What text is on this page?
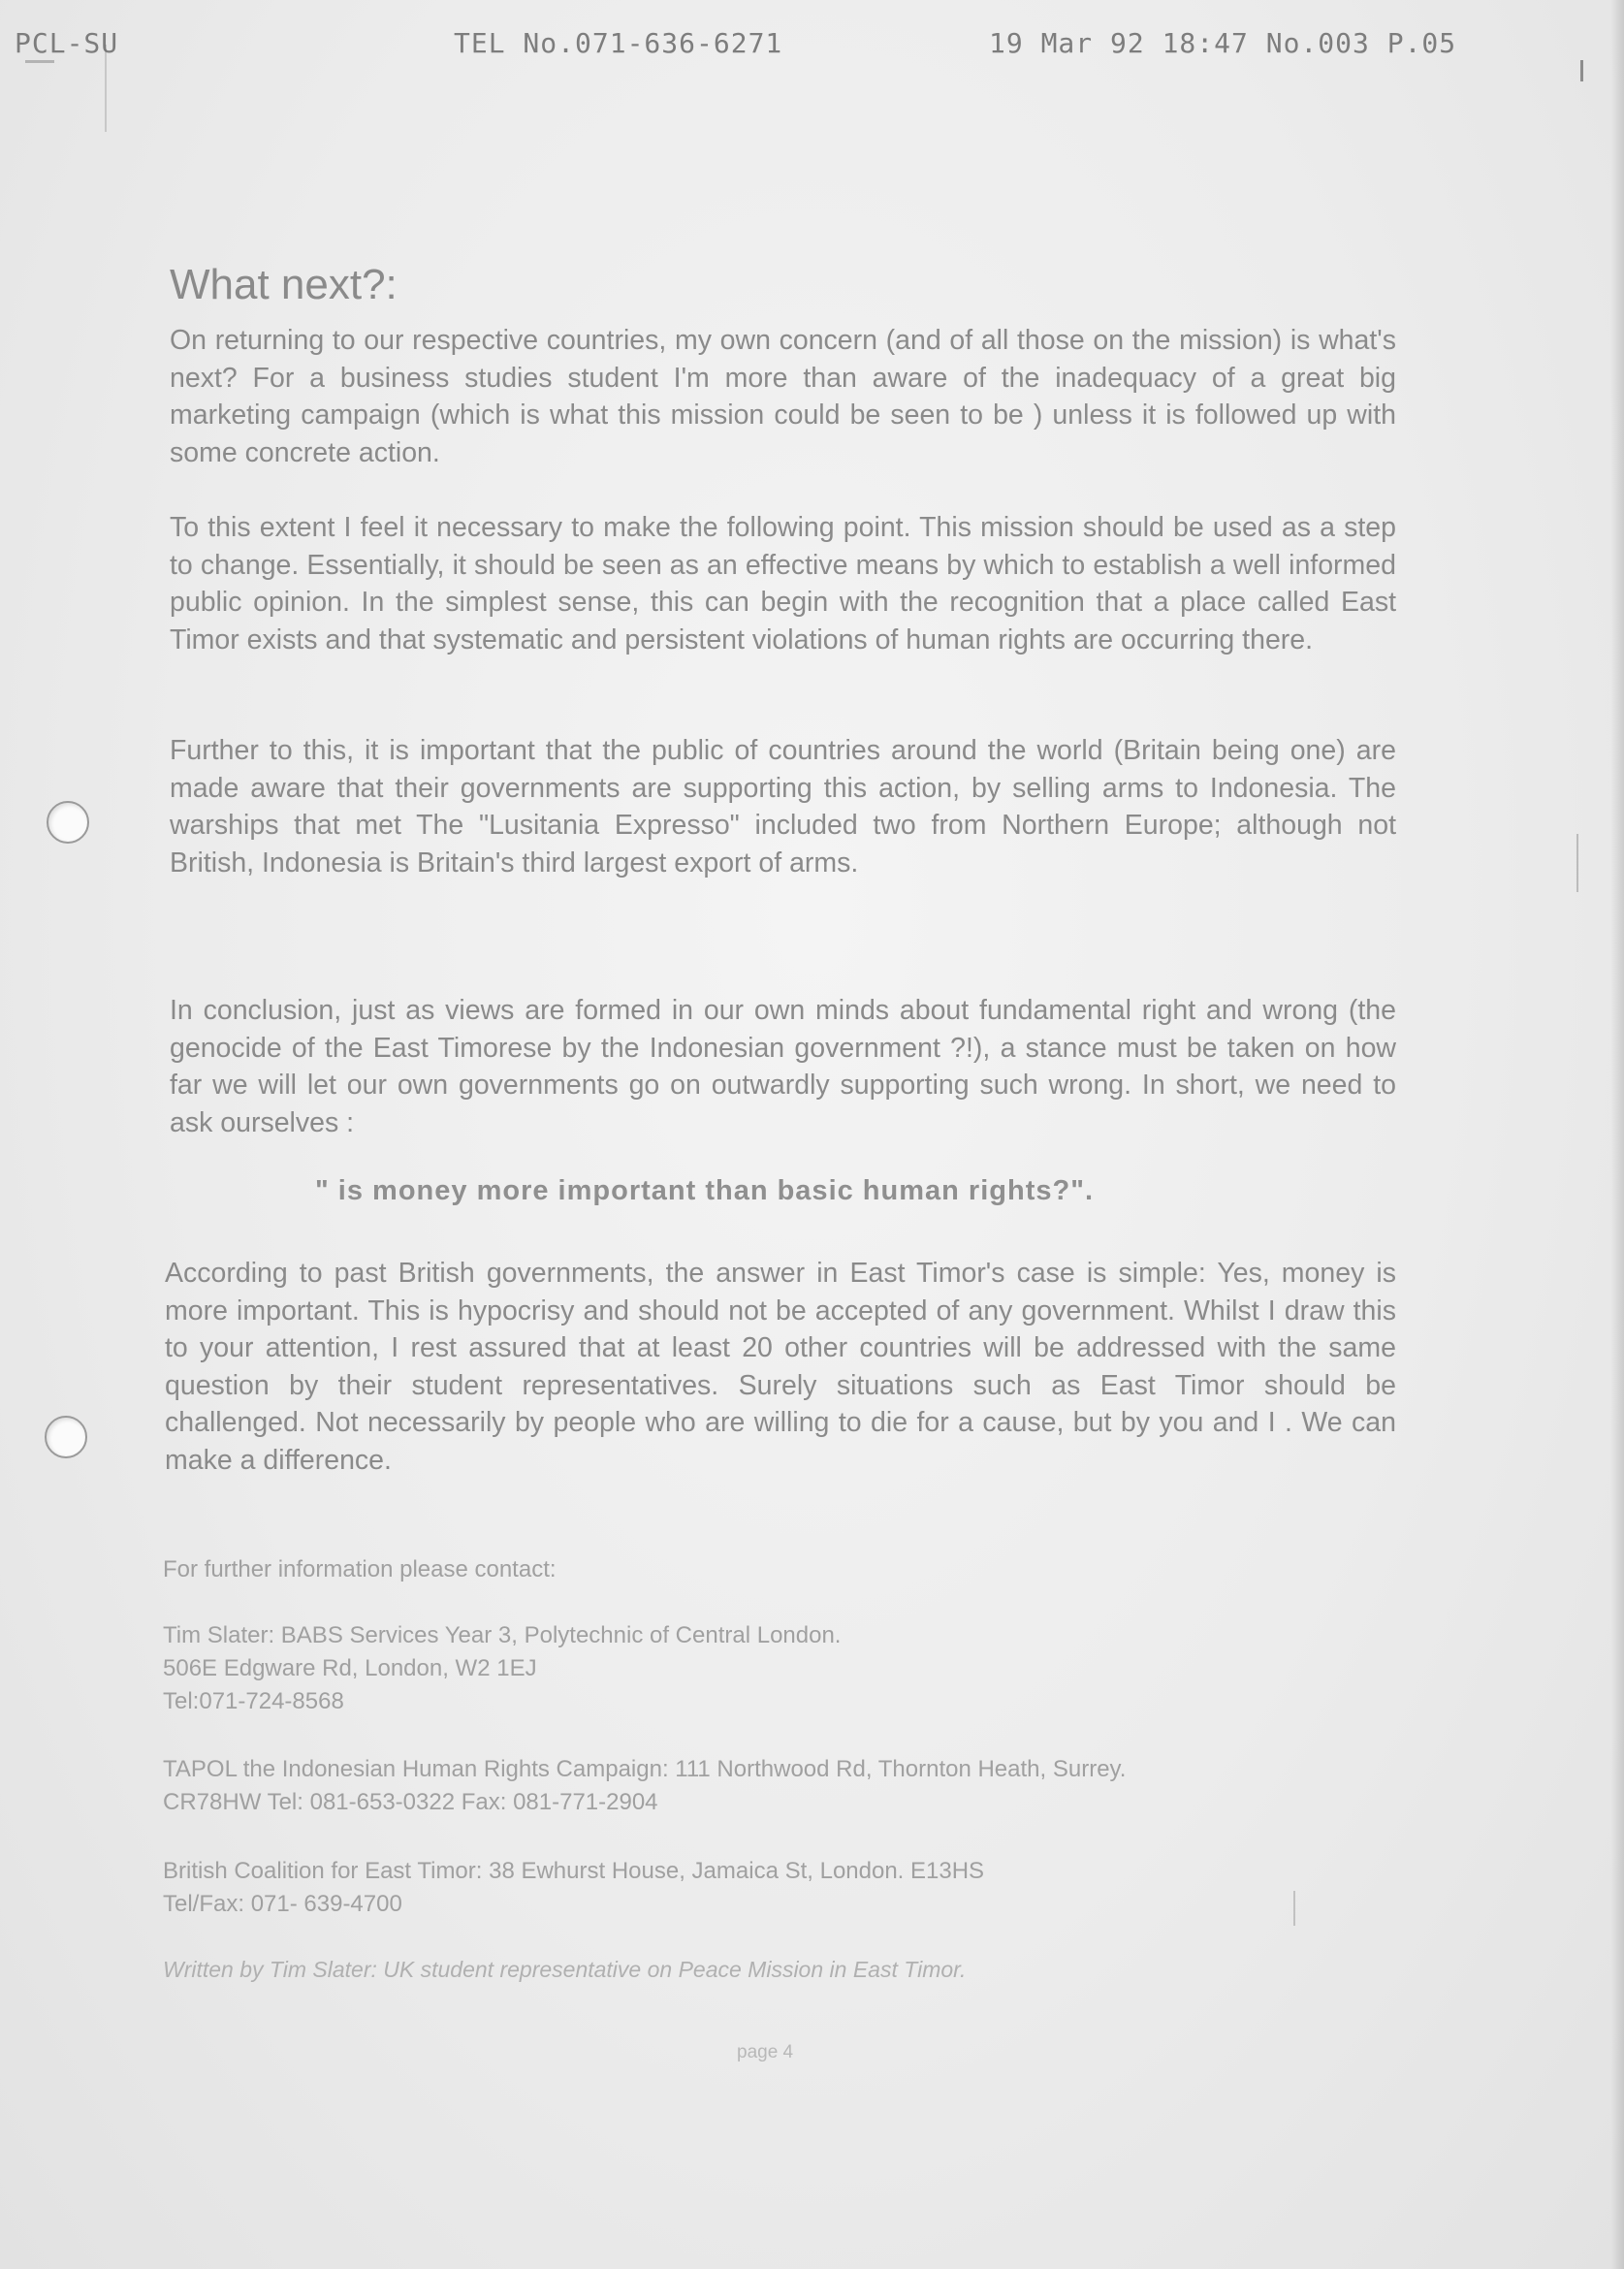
PCL-SU	TEL No.071-636-6271	19 Mar 92 18:47 No.003 P.05
What next?:

On returning to our respective countries, my own concern (and of all those on the mission) is what's next? For a business studies student I'm more than aware of the inadequacy of a great big marketing campaign (which is what this mission could be seen to be ) unless it is followed up with some concrete action.

To this extent I feel it necessary to make the following point. This mission should be used as a step to change. Essentially, it should be seen as an effective means by which to establish a well informed public opinion. In the simplest sense, this can begin with the recognition that a place called East Timor exists and that systematic and persistent violations of human rights are occurring there.

Further to this, it is important that the public of countries around the world (Britain being one) are made aware that their governments are supporting this action, by selling arms to Indonesia. The warships that met The "Lusitania Expresso" included two from Northern Europe; although not British, Indonesia is Britain's third largest export of arms.

In conclusion, just as views are formed in our own minds about fundamental right and wrong (the genocide of the East Timorese by the Indonesian government ?!), a stance must be taken on how far we will let our own governments go on outwardly supporting such wrong. In short, we need to ask ourselves :

" is money more important than basic human rights?".

According to past British governments, the answer in East Timor's case is simple: Yes, money is more important. This is hypocrisy and should not be accepted of any government. Whilst I draw this to your attention, I rest assured that at least 20 other countries will be addressed with the same question by their student representatives. Surely situations such as East Timor should be challenged. Not necessarily by people who are willing to die for a cause, but by you and I . We can make a difference.

For further information please contact:

Tim Slater: BABS Services Year 3, Polytechnic of Central London.
506E Edgware Rd, London, W2 1EJ
Tel:071-724-8568

TAPOL the Indonesian Human Rights Campaign: 111 Northwood Rd, Thornton Heath, Surrey.
CR78HW Tel: 081-653-0322 Fax: 081-771-2904

British Coalition for East Timor: 38 Ewhurst House, Jamaica St, London. E13HS
Tel/Fax: 071- 639-4700

Written by Tim Slater: UK student representative on Peace Mission in East Timor.
page 4
